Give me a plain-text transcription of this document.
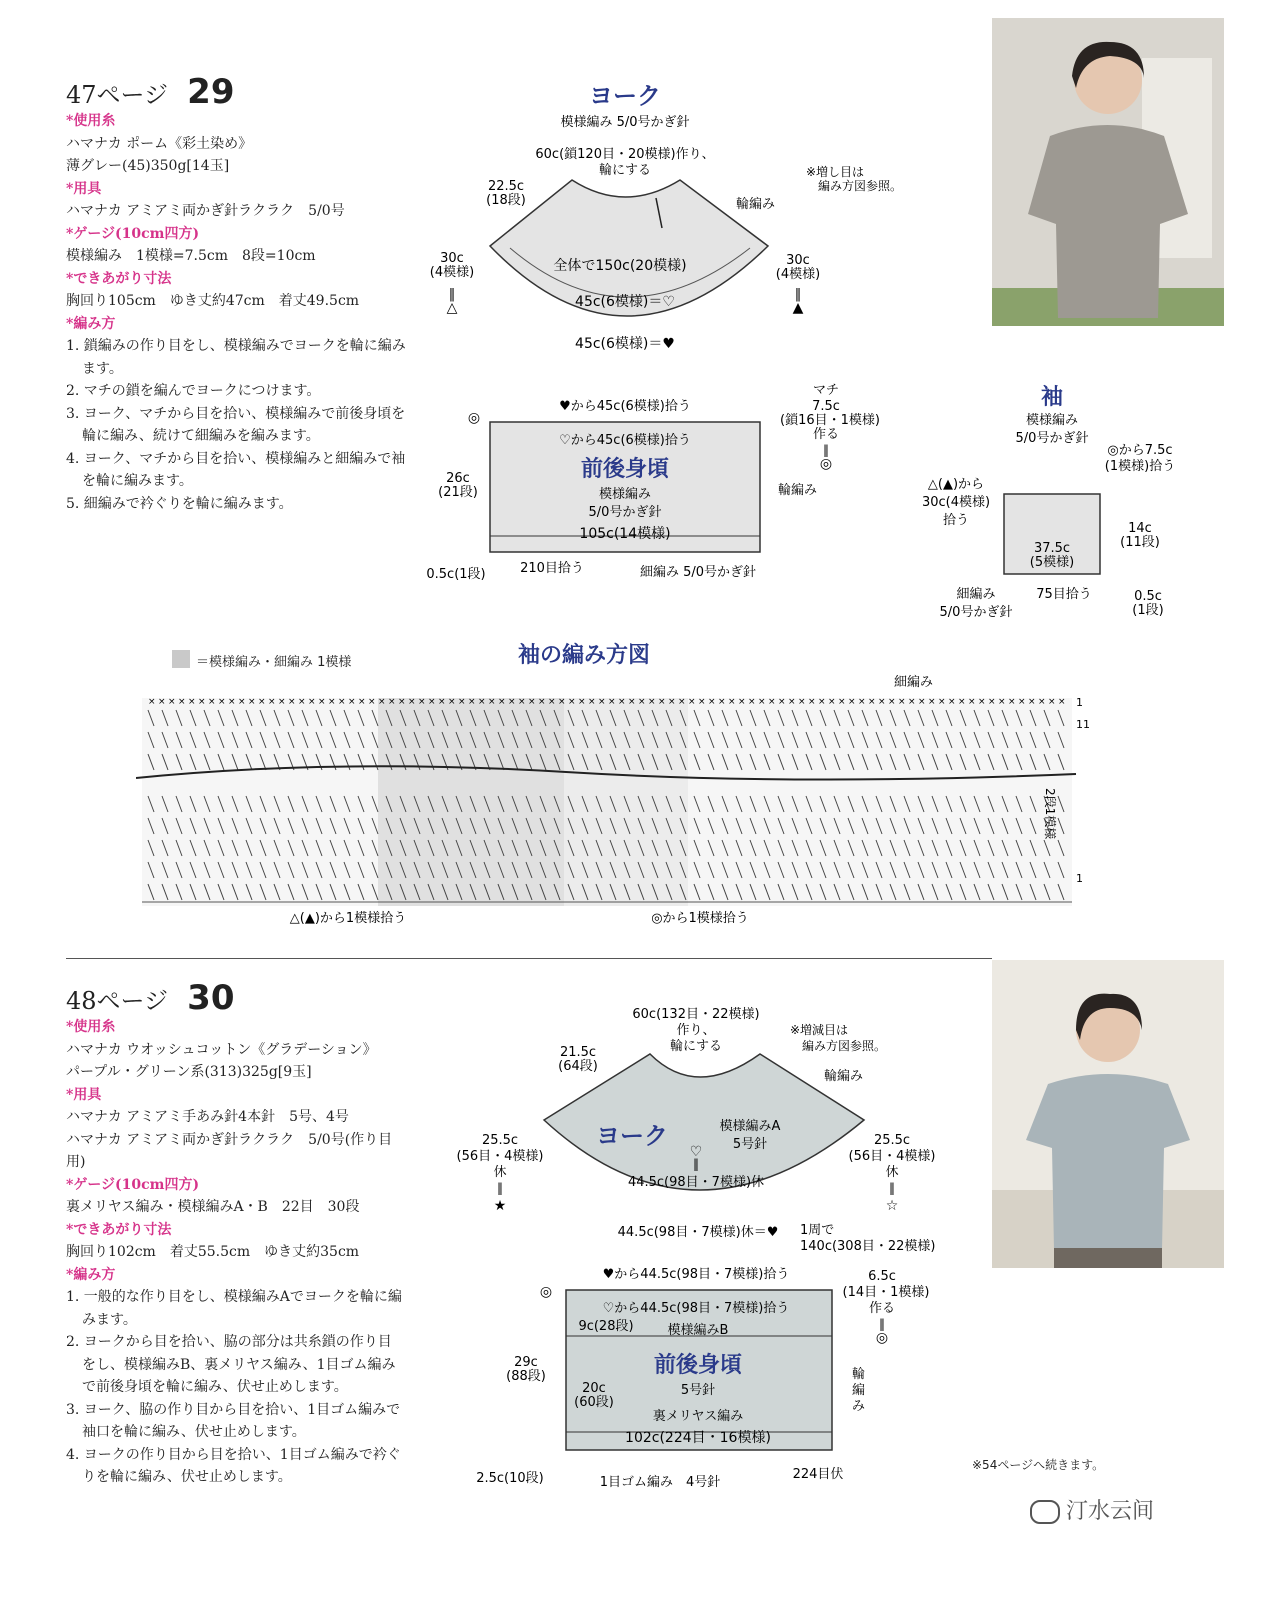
47ページ 29
*使用糸
ハマナカ ポーム《彩土染め》
薄グレー(45)350g[14玉]
*用具
ハマナカ アミアミ両かぎ針ラクラク　5/0号
*ゲージ(10cm四方)
模様編み　1模様=7.5cm　8段=10cm
*できあがり寸法
胸回り105cm　ゆき丈約47cm　着丈49.5cm
*編み方
1. 鎖編みの作り目をし、模様編みでヨークを輪に編みます。
2. マチの鎖を編んでヨークにつけます。
3. ヨーク、マチから目を拾い、模様編みで前後身頃を輪に編み、続けて細編みを編みます。
4. ヨーク、マチから目を拾い、模様編みと細編みで袖を輪に編みます。
5. 細編みで衿ぐりを輪に編みます。
ヨーク
模様編み 5/0号かぎ針
60c(鎖120目・20模様)作り、
輪にする
22.5c
(18段)
※増し目は
編み方図参照。
輪編み
30c
(4模様)
‖
△
30c
(4模様)
‖
▲
全体で150c(20模様)
45c(6模様)＝♡
45c(6模様)＝♥
♥から45c(6模様)拾う
♡から45c(6模様)拾う
前後身頃
模様編み
5/0号かぎ針
105c(14模様)
26c
(21段)
0.5c(1段)	210目拾う	細編み 5/0号かぎ針
輪編み
マチ
7.5c
(鎖16目・1模様)
作る
‖
◎
◎
袖
模様編み
5/0号かぎ針
◎から7.5c
(1模様)拾う
△(▲)から
30c(4模様)
拾う
37.5c
(5模様)
14c
(11段)
細編み
5/0号かぎ針
75目拾う	0.5c
(1段)
＝模様編み・細編み 1模様	袖の編み方図
× × × × × × × × × × × × × × × × × × × × × × × × × × × × × × × × × × × × × × × × × × × × × × × × × × × × × × × × × × × × × × × × × × × × × × × × × × × × × × × × × × × × × × × × × × × ×
細編み
1
11
1
2段1模様
△(▲)から1模様拾う	◎から1模様拾う
48ページ 30
*使用糸
ハマナカ ウオッシュコットン《グラデーション》
パープル・グリーン系(313)325g[9玉]
*用具
ハマナカ アミアミ手あみ針4本針　5号、4号
ハマナカ アミアミ両かぎ針ラクラク　5/0号(作り目用)
*ゲージ(10cm四方)
裏メリヤス編み・模様編みA・B　22目　30段
*できあがり寸法
胸回り102cm　着丈55.5cm　ゆき丈約35cm
*編み方
1. 一般的な作り目をし、模様編みAでヨークを輪に編みます。
2. ヨークから目を拾い、脇の部分は共糸鎖の作り目をし、模様編みB、裏メリヤス編み、1目ゴム編みで前後身頃を輪に編み、伏せ止めします。
3. ヨーク、脇の作り目から目を拾い、1目ゴム編みで袖口を輪に編み、伏せ止めします。
4. ヨークの作り目から目を拾い、1目ゴム編みで衿ぐりを輪に編み、伏せ止めします。
60c(132目・22模様)
作り、
輪にする
※増減目は
編み方図参照。
輪編み
21.5c
(64段)
ヨーク	模様編みA
5号針
♡
‖
44.5c(98目・7模様)休
25.5c
(56目・4模様)
休
‖
★
25.5c
(56目・4模様)
休
‖
☆
44.5c(98目・7模様)休＝♥ 1周で
140c(308目・22模様)
♥から44.5c(98目・7模様)拾う
♡から44.5c(98目・7模様)拾う
9c(28段)	模様編みB
前後身頃
5号針
裏メリヤス編み
102c(224目・16模様)
29c
(88段)
20c
(60段)
2.5c(10段)	1目ゴム編み　4号針
224目伏
輪
編
み
6.5c
(14目・1模様)
作る
‖
◎
◎
※54ページへ続きます。
汀水云间
